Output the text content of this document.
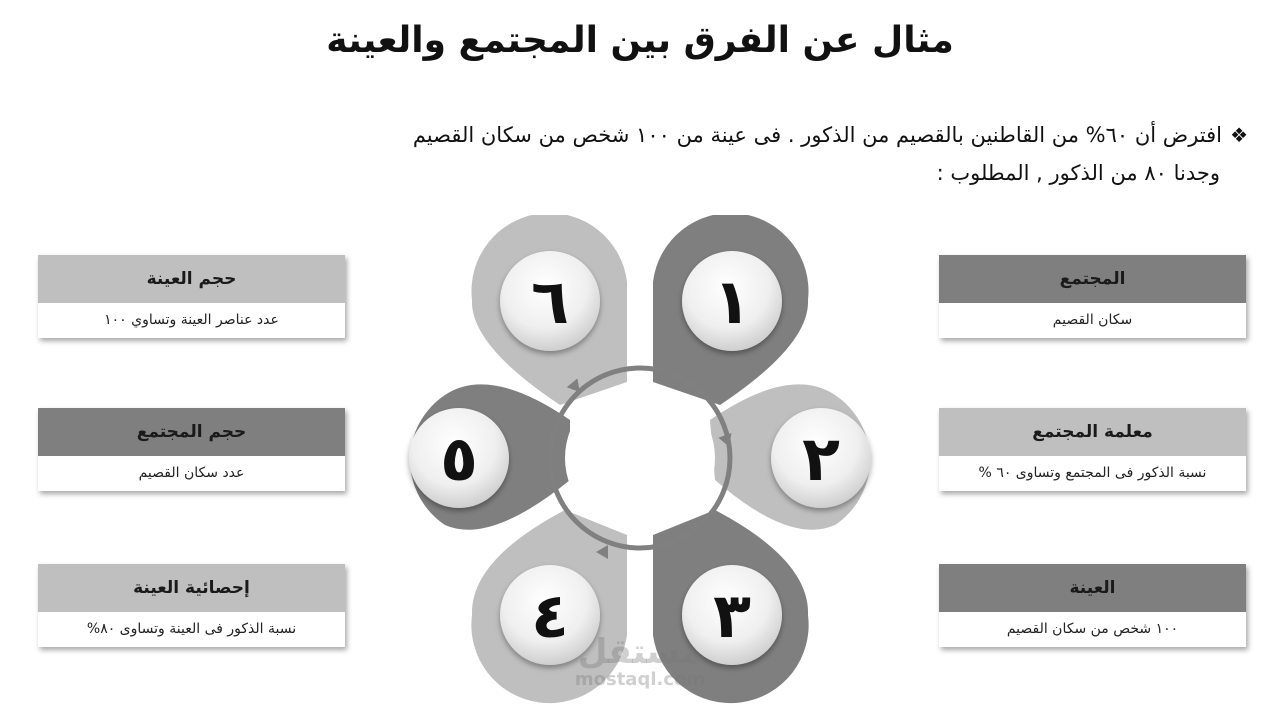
مثال عن الفرق بين المجتمع والعينة
❖افترض أن ٦٠% من القاطنين بالقصيم من الذكور . فى عينة من ١٠٠ شخص من سكان القصيم
وجدنا ٨٠ من الذكور , المطلوب :
المجتمع
سكان القصيم
معلمة المجتمع
نسبة الذكور فى المجتمع وتساوى ٦٠ %
العينة
١٠٠ شخص من سكان القصيم
حجم العينة
عدد عناصر العينة وتساوي ١٠٠
حجم المجتمع
عدد سكان القصيم
إحصائية العينة
نسبة الذكور فى العينة وتساوى ٨٠%
١
٢
٣
٤
٥
٦
مستقل
mostaql.com
